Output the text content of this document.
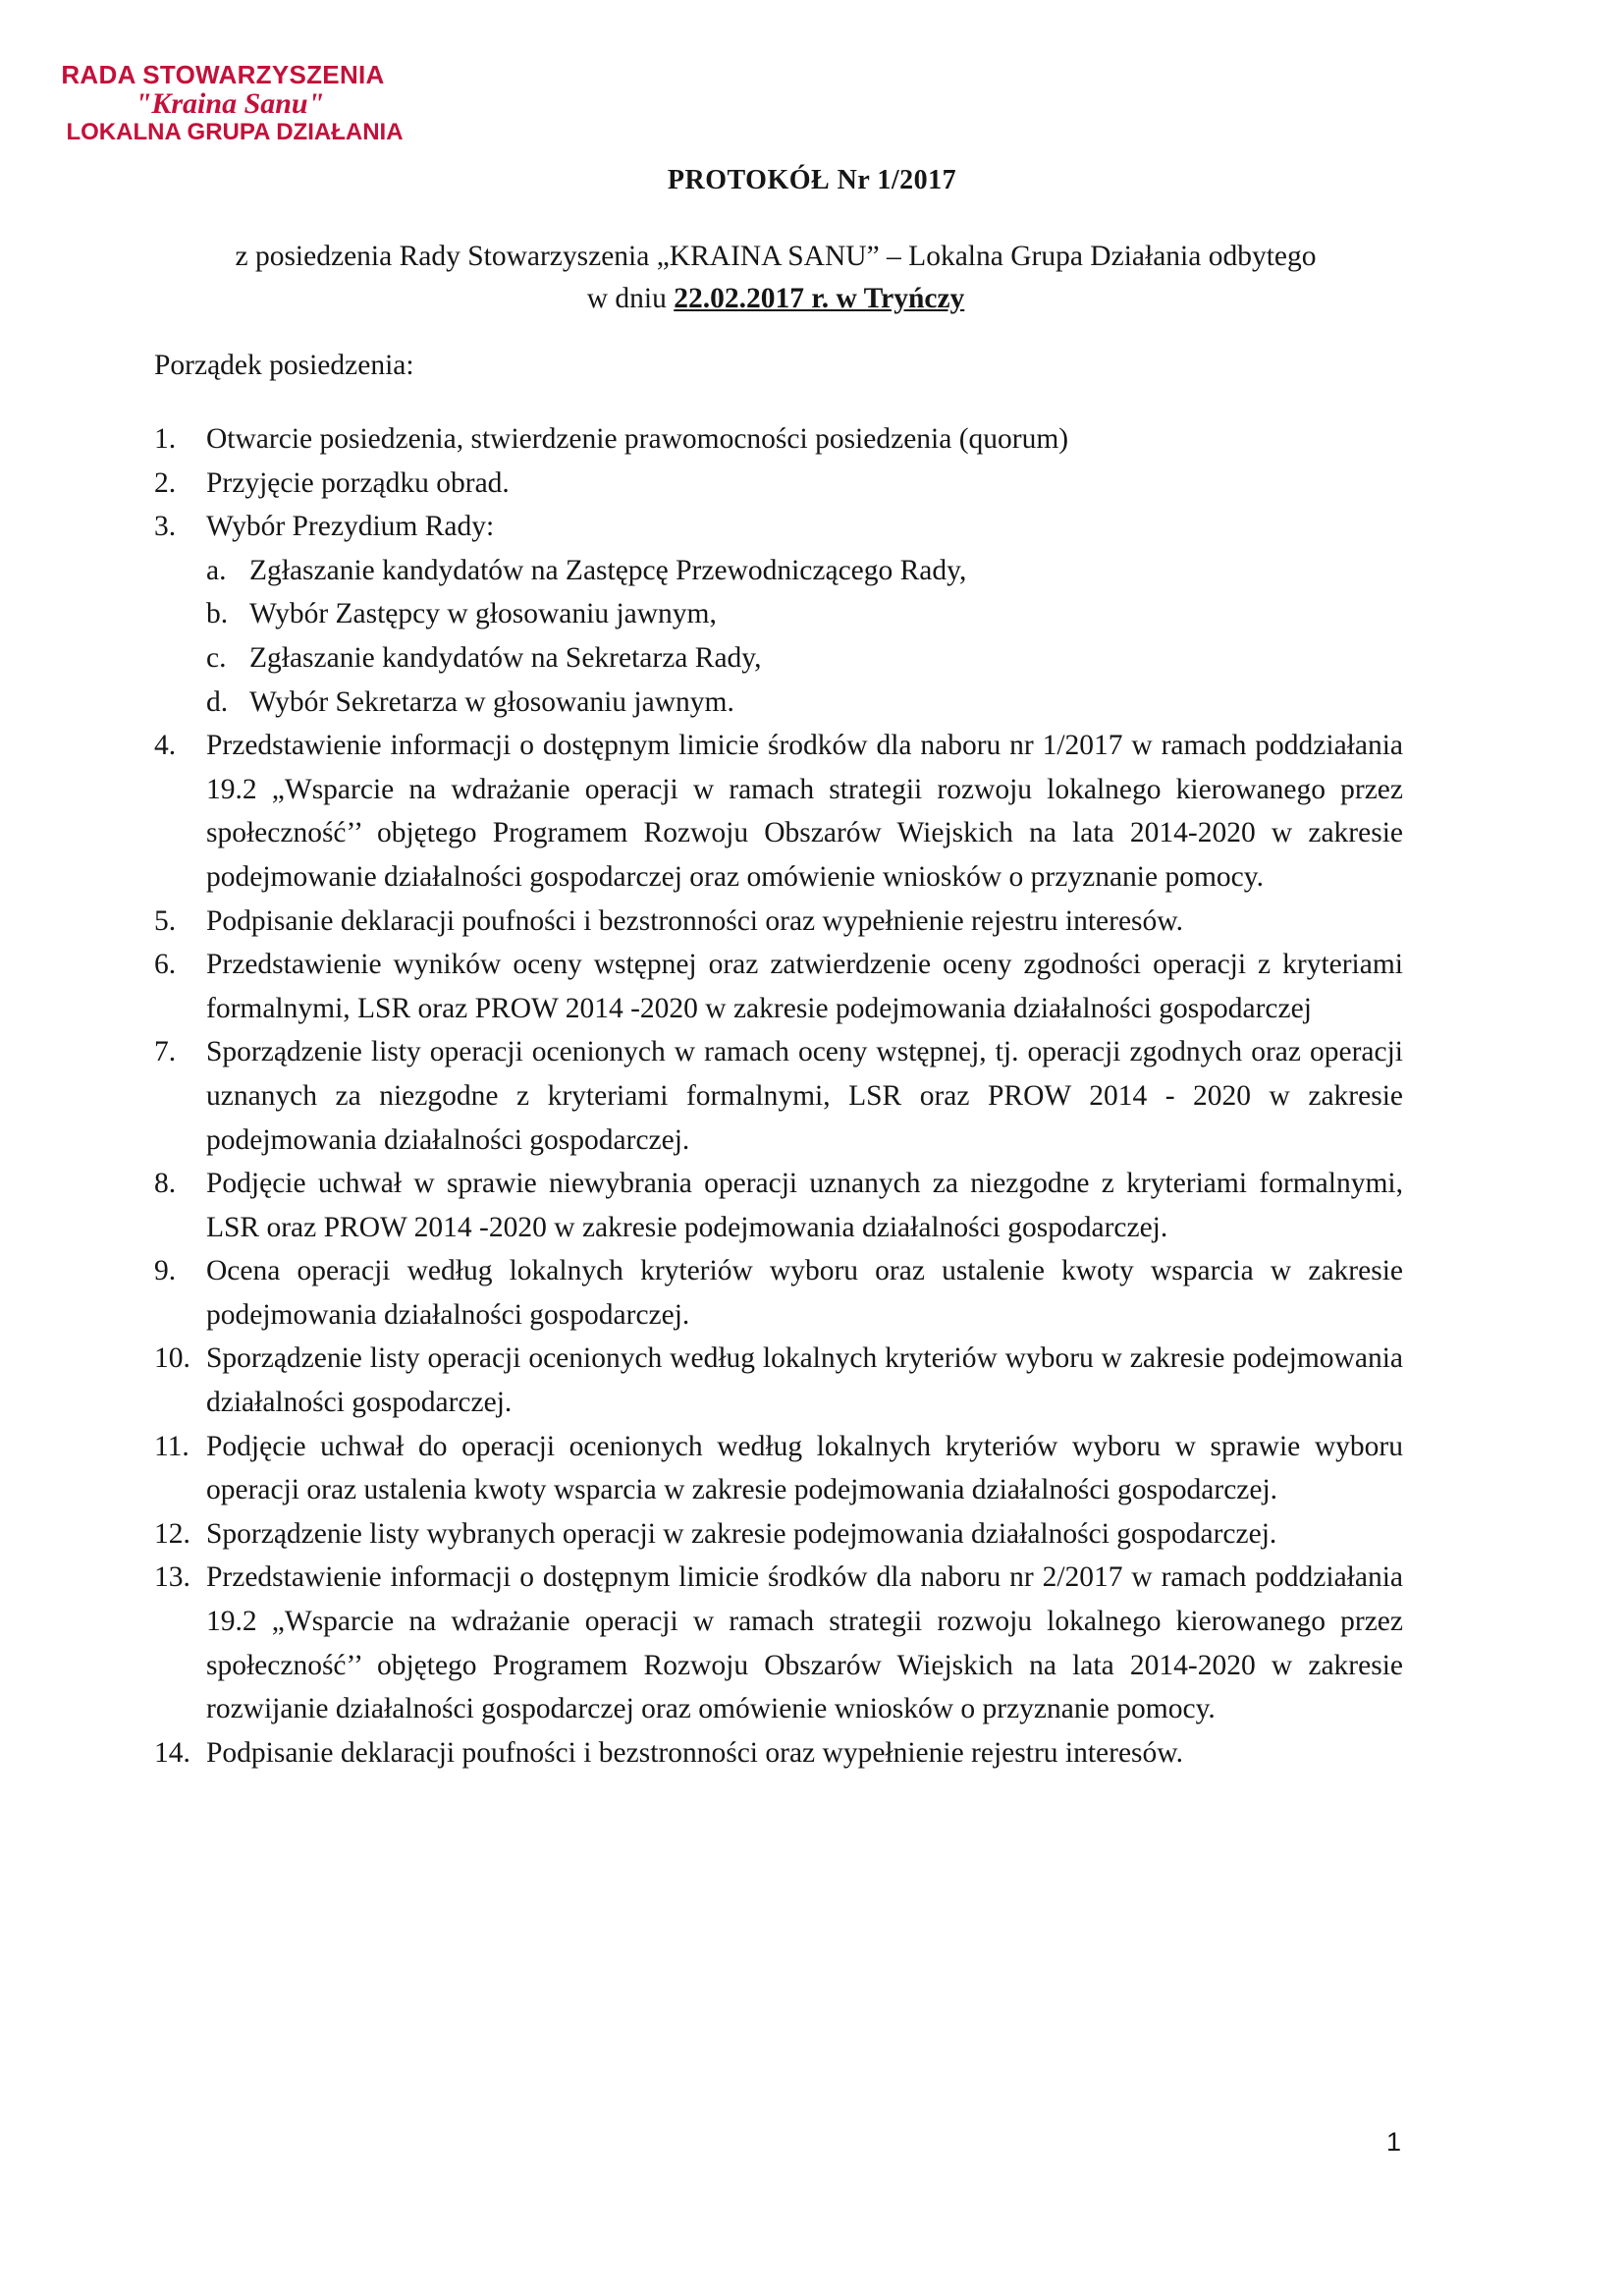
RADA STOWARZYSZENIA
"Kraina Sanu"
LOKALNA GRUPA DZIAŁANIA
PROTOKÓŁ Nr 1/2017
z posiedzenia Rady Stowarzyszenia „KRAINA SANU” – Lokalna Grupa Działania odbytego
w dniu 22.02.2017 r. w Tryńczy
Porządek posiedzenia:
1. Otwarcie posiedzenia, stwierdzenie prawomocności posiedzenia (quorum)
2. Przyjęcie porządku obrad.
3. Wybór Prezydium Rady:
a. Zgłaszanie kandydatów na Zastępcę Przewodniczącego Rady,
b. Wybór Zastępcy w głosowaniu jawnym,
c. Zgłaszanie kandydatów na Sekretarza Rady,
d. Wybór Sekretarza w głosowaniu jawnym.
4. Przedstawienie informacji o dostępnym limicie środków dla naboru nr 1/2017 w ramach poddziałania 19.2 „Wsparcie na wdrażanie operacji w ramach strategii rozwoju lokalnego kierowanego przez społeczność’’ objętego Programem Rozwoju Obszarów Wiejskich na lata 2014-2020 w zakresie podejmowanie działalności gospodarczej oraz omówienie wniosków o przyznanie pomocy.
5. Podpisanie deklaracji poufności i bezstronności oraz wypełnienie rejestru interesów.
6. Przedstawienie wyników oceny wstępnej oraz zatwierdzenie oceny zgodności operacji z kryteriami formalnymi, LSR oraz PROW 2014 -2020 w zakresie podejmowania działalności gospodarczej
7. Sporządzenie listy operacji ocenionych w ramach oceny wstępnej, tj. operacji zgodnych oraz operacji uznanych za niezgodne z kryteriami formalnymi, LSR oraz PROW 2014 - 2020 w zakresie podejmowania działalności gospodarczej.
8. Podjęcie uchwał w sprawie niewybrania operacji uznanych za niezgodne z kryteriami formalnymi, LSR oraz PROW 2014 -2020 w zakresie podejmowania działalności gospodarczej.
9. Ocena operacji według lokalnych kryteriów wyboru oraz ustalenie kwoty wsparcia w zakresie podejmowania działalności gospodarczej.
10. Sporządzenie listy operacji ocenionych według lokalnych kryteriów wyboru w zakresie podejmowania działalności gospodarczej.
11. Podjęcie uchwał do operacji ocenionych według lokalnych kryteriów wyboru w sprawie wyboru operacji oraz ustalenia kwoty wsparcia w zakresie podejmowania działalności gospodarczej.
12. Sporządzenie listy wybranych operacji w zakresie podejmowania działalności gospodarczej.
13. Przedstawienie informacji o dostępnym limicie środków dla naboru nr 2/2017 w ramach poddziałania 19.2 „Wsparcie na wdrażanie operacji w ramach strategii rozwoju lokalnego kierowanego przez społeczność’’ objętego Programem Rozwoju Obszarów Wiejskich na lata 2014-2020 w zakresie rozwijanie działalności gospodarczej oraz omówienie wniosków o przyznanie pomocy.
14. Podpisanie deklaracji poufności i bezstronności oraz wypełnienie rejestru interesów.
1
